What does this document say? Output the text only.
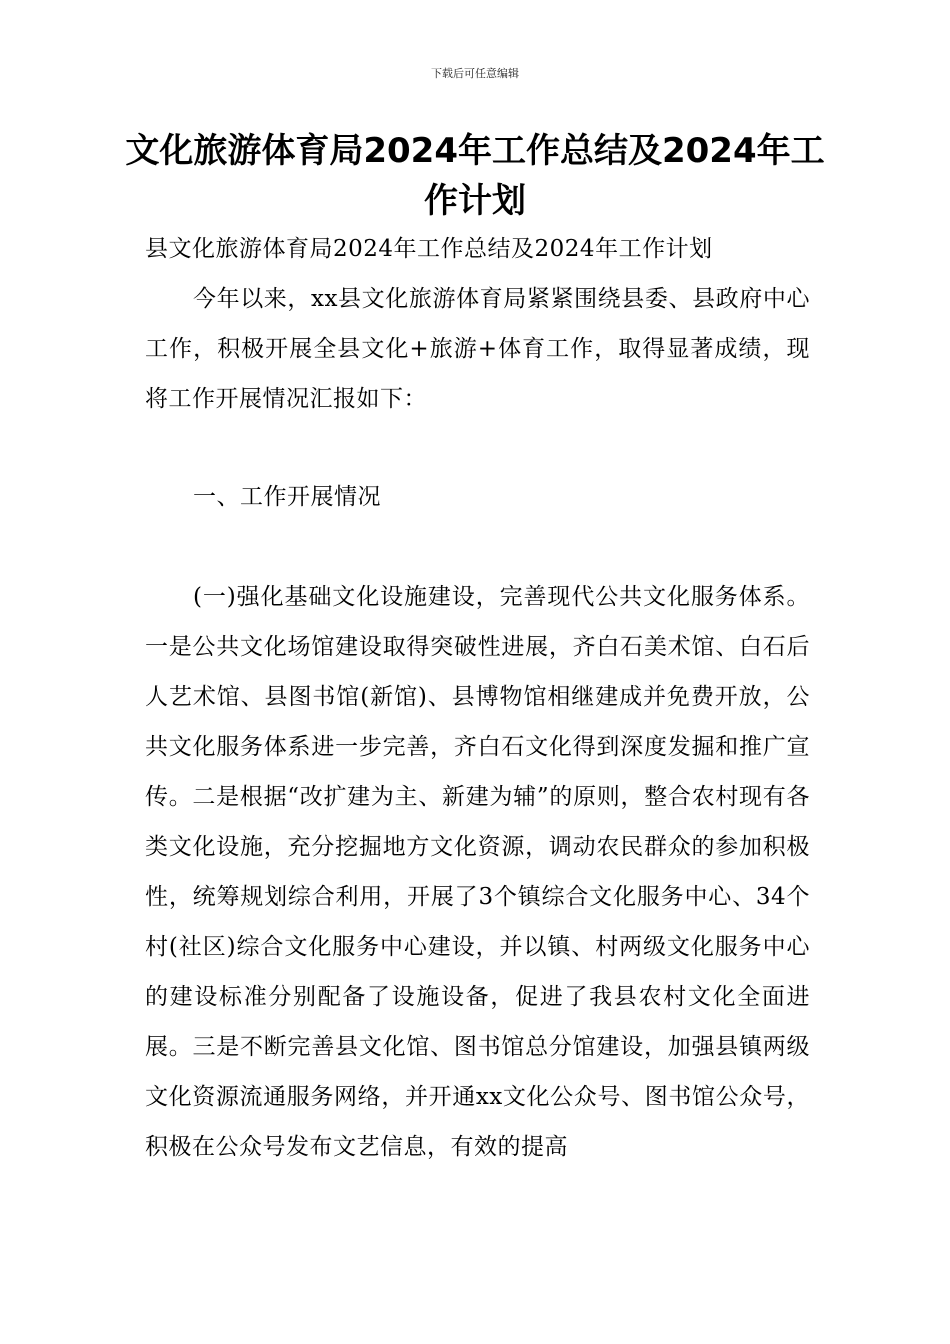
下载后可任意编辑
文化旅游体育局2024年工作总结及2024年工作计划

县文化旅游体育局2024年工作总结及2024年工作计划

今年以来，xx县文化旅游体育局紧紧围绕县委、县政府中心工作，积极开展全县文化+旅游+体育工作，取得显著成绩，现将工作开展情况汇报如下：

一、工作开展情况

(一)强化基础文化设施建设，完善现代公共文化服务体系。一是公共文化场馆建设取得突破性进展，齐白石美术馆、白石后人艺术馆、县图书馆(新馆)、县博物馆相继建成并免费开放，公共文化服务体系进一步完善，齐白石文化得到深度发掘和推广宣传。二是根据“改扩建为主、新建为辅”的原则，整合农村现有各类文化设施，充分挖掘地方文化资源，调动农民群众的参加积极性，统筹规划综合利用，开展了3个镇综合文化服务中心、34个村(社区)综合文化服务中心建设，并以镇、村两级文化服务中心的建设标准分别配备了设施设备，促进了我县农村文化全面进展。三是不断完善县文化馆、图书馆总分馆建设，加强县镇两级文化资源流通服务网络，并开通xx文化公众号、图书馆公众号，积极在公众号发布文艺信息，有效的提高
